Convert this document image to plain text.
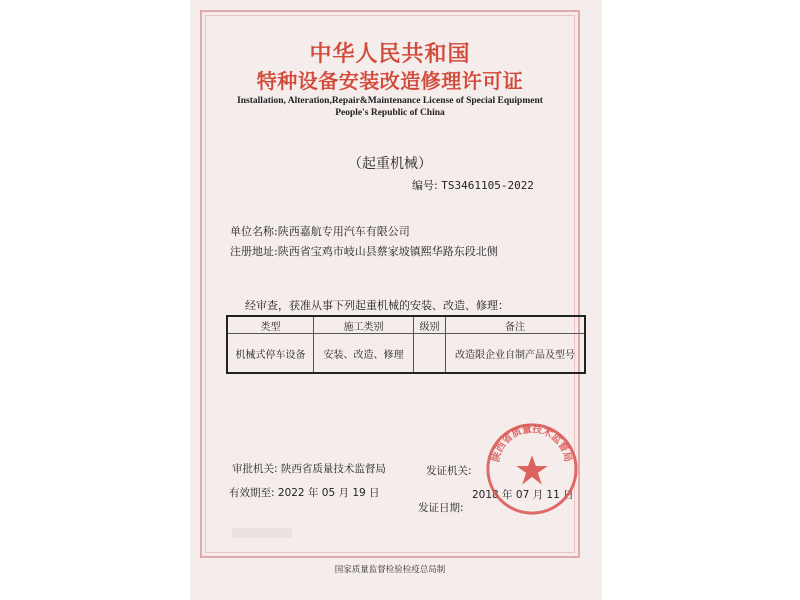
中华人民共和国
特种设备安装改造修理许可证
Installation, Alteration,Repair&Maintenance License of Special Equipment
People's Republic of China
（起重机械）
编号: TS3461105-2022
单位名称:陕西嘉航专用汽车有限公司
注册地址:陕西省宝鸡市岐山县蔡家坡镇熙华路东段北侧
经审查，获准从事下列起重机械的安装、改造、修理：
类型	施工类别	级别	备注
机械式停车设备	安装、改造、修理		改造限企业自制产品及型号
审批机关: 陕西省质量技术监督局
有效期至: 2022 年 05 月 19 日
发证机关:
2018 年 07 月 11 日
发证日期:
陕西省质量技术监督局
国家质量监督检验检疫总局制
